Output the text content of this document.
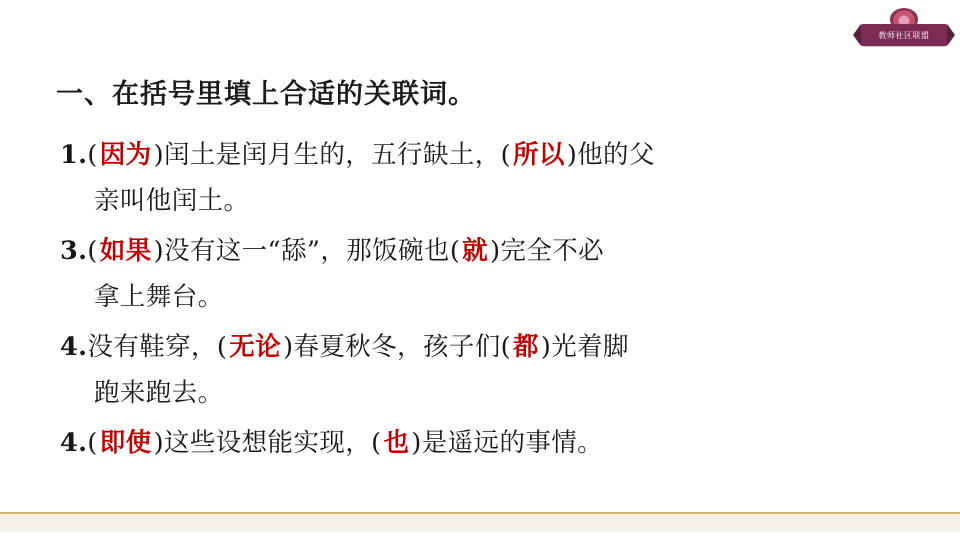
教师社区联盟
一、在括号里填上合适的关联词。
1.(因为)闰土是闰月生的，五行缺土，(所以)他的父
亲叫他闰土。
3.(如果)没有这一“舔”，那饭碗也(就)完全不必
拿上舞台。
4.没有鞋穿，(无论)春夏秋冬，孩子们(都)光着脚
跑来跑去。
4.(即使)这些设想能实现，(也)是遥远的事情。
